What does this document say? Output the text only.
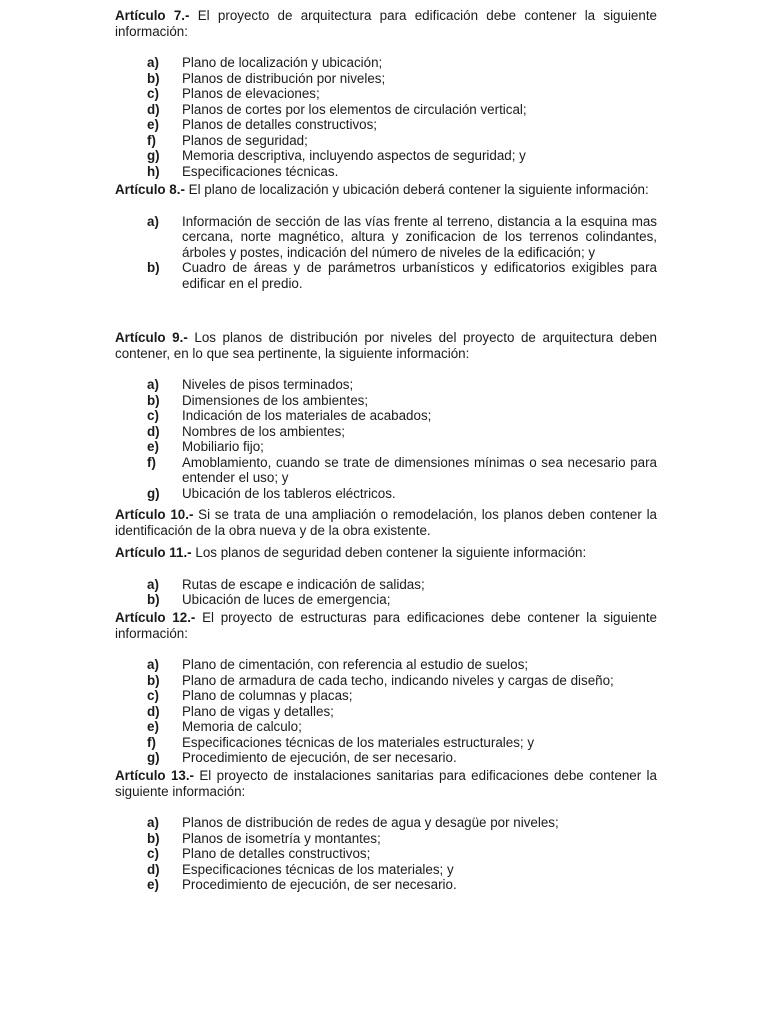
Artículo 7.- El proyecto de arquitectura para edificación debe contener la siguiente información:

a) Plano de localización y ubicación;
b) Planos de distribución por niveles;
c) Planos de elevaciones;
d) Planos de cortes por los elementos de circulación vertical;
e) Planos de detalles constructivos;
f) Planos de seguridad;
g) Memoria descriptiva, incluyendo aspectos de seguridad; y
h) Especificaciones técnicas.

Artículo 8.- El plano de localización y ubicación deberá contener la siguiente información:

a) Información de sección de las vías frente al terreno, distancia a la esquina mas cercana, norte magnético, altura y zonificacion de los terrenos colindantes, árboles y postes, indicación del número de niveles de la edificación; y
b) Cuadro de áreas y de parámetros urbanísticos y edificatorios exigibles para edificar en el predio.

Artículo 9.- Los planos de distribución por niveles del proyecto de arquitectura deben contener, en lo que sea pertinente, la siguiente información:

a) Niveles de pisos terminados;
b) Dimensiones de los ambientes;
c) Indicación de los materiales de acabados;
d) Nombres de los ambientes;
e) Mobiliario fijo;
f) Amoblamiento, cuando se trate de dimensiones mínimas o sea necesario para entender el uso; y
g) Ubicación de los tableros eléctricos.

Artículo 10.- Si se trata de una ampliación o remodelación, los planos deben contener la identificación de la obra nueva y de la obra existente.

Artículo 11.- Los planos de seguridad deben contener la siguiente información:

a) Rutas de escape e indicación de salidas;
b) Ubicación de luces de emergencia;

Artículo 12.- El proyecto de estructuras para edificaciones debe contener la siguiente información:

a) Plano de cimentación, con referencia al estudio de suelos;
b) Plano de armadura de cada techo, indicando niveles y cargas de diseño;
c) Plano de columnas y placas;
d) Plano de vigas y detalles;
e) Memoria de calculo;
f) Especificaciones técnicas de los materiales estructurales; y
g) Procedimiento de ejecución, de ser necesario.

Artículo 13.- El proyecto de instalaciones sanitarias para edificaciones debe contener la siguiente información:

a) Planos de distribución de redes de agua y desagüe por niveles;
b) Planos de isometría y montantes;
c) Plano de detalles constructivos;
d) Especificaciones técnicas de los materiales; y
e) Procedimiento de ejecución, de ser necesario.
